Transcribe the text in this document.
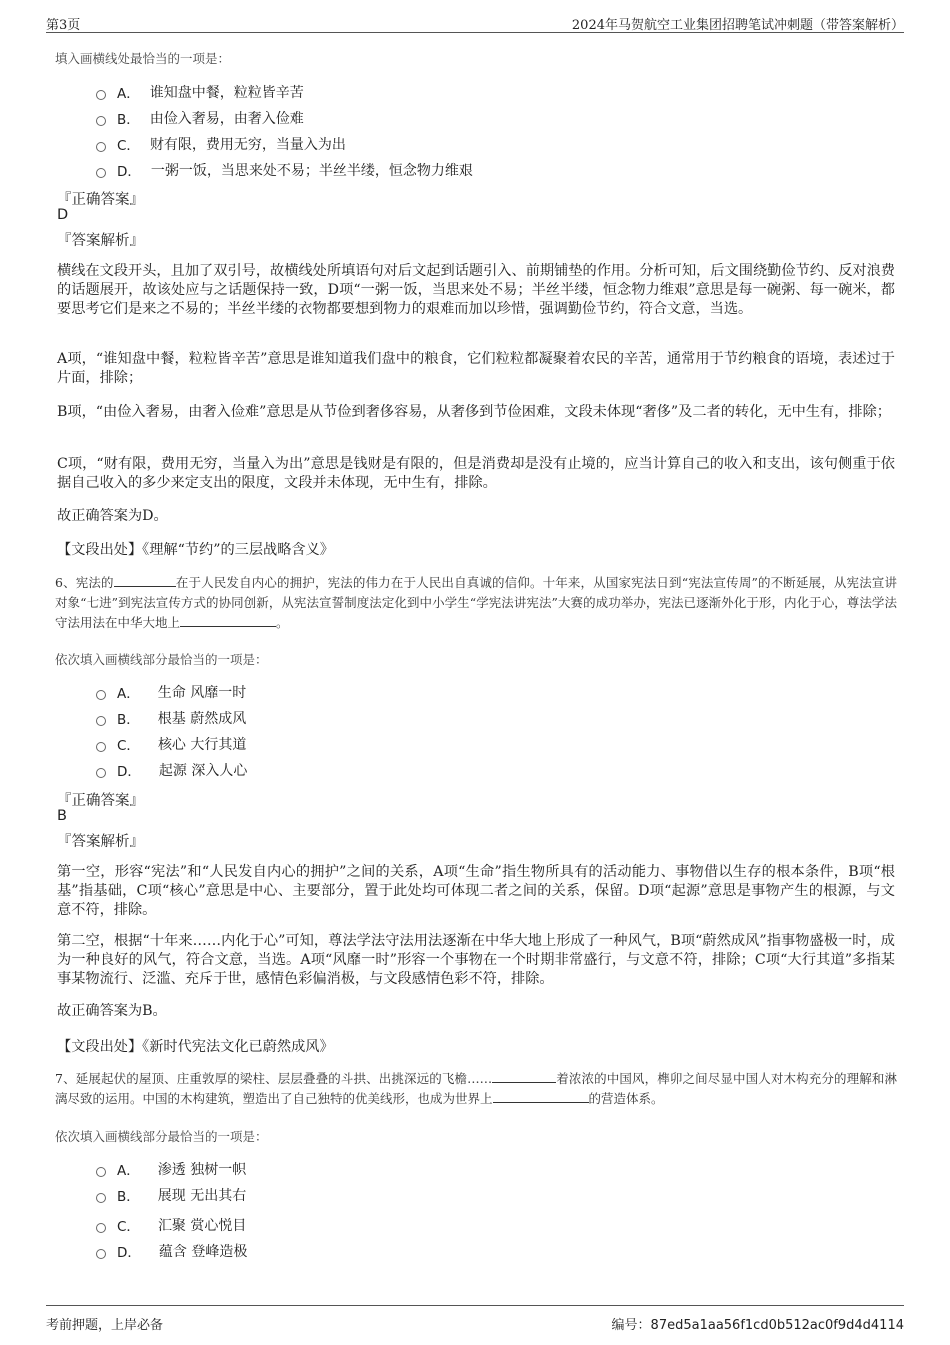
第3页	2024年马贺航空工业集团招聘笔试冲刺题（带答案解析）
填入画横线处最恰当的一项是：
A． 谁知盘中餐，粒粒皆辛苦
B． 由俭入奢易，由奢入俭难
C． 财有限，费用无穷，当量入为出
D． 一粥一饭，当思来处不易；半丝半缕，恒念物力维艰
『正确答案』
D
『答案解析』
横线在文段开头，且加了双引号，故横线处所填语句对后文起到话题引入、前期铺垫的作用。分析可知，后文围绕勤俭节约、反对浪费的话题展开，故该处应与之话题保持一致，D项“一粥一饭，当思来处不易；半丝半缕，恒念物力维艰”意思是每一碗粥、每一碗米，都要思考它们是来之不易的；半丝半缕的衣物都要想到物力的艰难而加以珍惜，强调勤俭节约，符合文意，当选。
A项，“谁知盘中餐，粒粒皆辛苦”意思是谁知道我们盘中的粮食，它们粒粒都凝聚着农民的辛苦，通常用于节约粮食的语境，表述过于片面，排除；
B项，“由俭入奢易，由奢入俭难”意思是从节俭到奢侈容易，从奢侈到节俭困难，文段未体现“奢侈”及二者的转化，无中生有，排除；
C项，“财有限，费用无穷，当量入为出”意思是钱财是有限的，但是消费却是没有止境的，应当计算自己的收入和支出，该句侧重于依据自己收入的多少来定支出的限度，文段并未体现，无中生有，排除。
故正确答案为D。
【文段出处】《理解“节约”的三层战略含义》
6、宪法的	在于人民发自内心的拥护，宪法的伟力在于人民出自真诚的信仰。十年来，从国家宪法日到“宪法宣传周”的不断延展，从宪法宣讲对象“七进”到宪法宣传方式的协同创新，从宪法宣誓制度法定化到中小学生“学宪法讲宪法”大赛的成功举办，宪法已逐渐外化于形，内化于心，尊法学法守法用法在中华大地上	。
依次填入画横线部分最恰当的一项是：
A． 生命 风靡一时
B． 根基 蔚然成风
C． 核心 大行其道
D． 起源 深入人心
『正确答案』
B
『答案解析』
第一空，形容“宪法”和“人民发自内心的拥护”之间的关系，A项“生命”指生物所具有的活动能力、事物借以生存的根本条件，B项“根基”指基础，C项“核心”意思是中心、主要部分，置于此处均可体现二者之间的关系，保留。D项“起源”意思是事物产生的根源，与文意不符，排除。
第二空，根据“十年来……内化于心”可知，尊法学法守法用法逐渐在中华大地上形成了一种风气，B项“蔚然成风”指事物盛极一时，成为一种良好的风气，符合文意，当选。A项“风靡一时”形容一个事物在一个时期非常盛行，与文意不符，排除；C项“大行其道”多指某事某物流行、泛滥、充斥于世，感情色彩偏消极，与文段感情色彩不符，排除。
故正确答案为B。
【文段出处】《新时代宪法文化已蔚然成风》
7、延展起伏的屋顶、庄重敦厚的梁柱、层层叠叠的斗拱、出挑深远的飞檐……	着浓浓的中国风，榫卯之间尽显中国人对木构充分的理解和淋漓尽致的运用。中国的木构建筑，塑造出了自己独特的优美线形，也成为世界上	的营造体系。
依次填入画横线部分最恰当的一项是：
A． 渗透 独树一帜
B． 展现 无出其右
C． 汇聚 赏心悦目
D． 蕴含 登峰造极
考前押题，上岸必备	编号：87ed5a1aa56f1cd0b512ac0f9d4d4114
